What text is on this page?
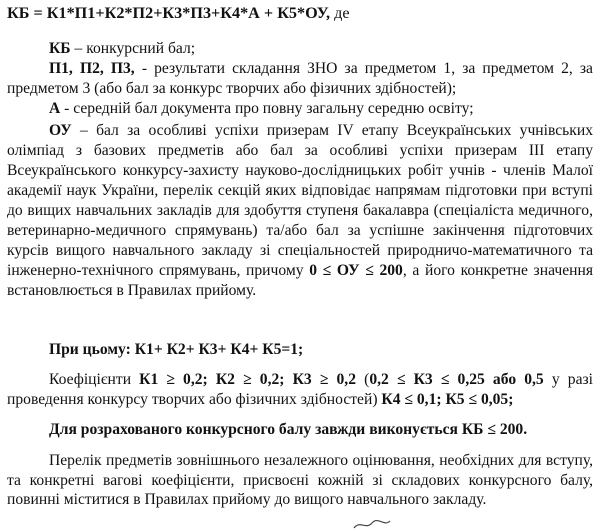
КБ = К1*П1+К2*П2+К3*П3+К4*А + К5*ОУ, де

КБ – конкурсний бал;

П1, П2, П3, - результати складання ЗНО за предметом 1, за предметом 2, за предметом 3 (або бал за конкурс творчих або фізичних здібностей);

А - середній бал документа про повну загальну середню освіту;

ОУ – бал за особливі успіхи призерам IV етапу Всеукраїнських учнівських олімпіад з базових предметів або бал за особливі успіхи призерам III етапу Всеукраїнського конкурсу-захисту науково-дослідницьких робіт учнів - членів Малої академії наук України, перелік секцій яких відповідає напрямам підготовки при вступі до вищих навчальних закладів для здобуття ступеня бакалавра (спеціаліста медичного, ветеринарно-медичного спрямувань) та/або бал за успішне закінчення підготовчих курсів вищого навчального закладу зі спеціальностей природничо-математичного та інженерно-технічного спрямувань, причому 0 ≤ ОУ ≤ 200, а його конкретне значення встановлюється в Правилах прийому.

При цьому: К1+ К2+ К3+ К4+ К5=1;

Коефіцієнти К1 ≥ 0,2; К2 ≥ 0,2; К3 ≥ 0,2 (0,2 ≤ К3 ≤ 0,25 або 0,5 у разі проведення конкурсу творчих або фізичних здібностей) К4 ≤ 0,1; К5 ≤ 0,05;

Для розрахованого конкурсного балу завжди виконується КБ ≤ 200.

Перелік предметів зовнішнього незалежного оцінювання, необхідних для вступу, та конкретні вагові коефіцієнти, присвоєні кожній зі складових конкурсного балу, повинні міститися в Правилах прийому до вищого навчального закладу.
